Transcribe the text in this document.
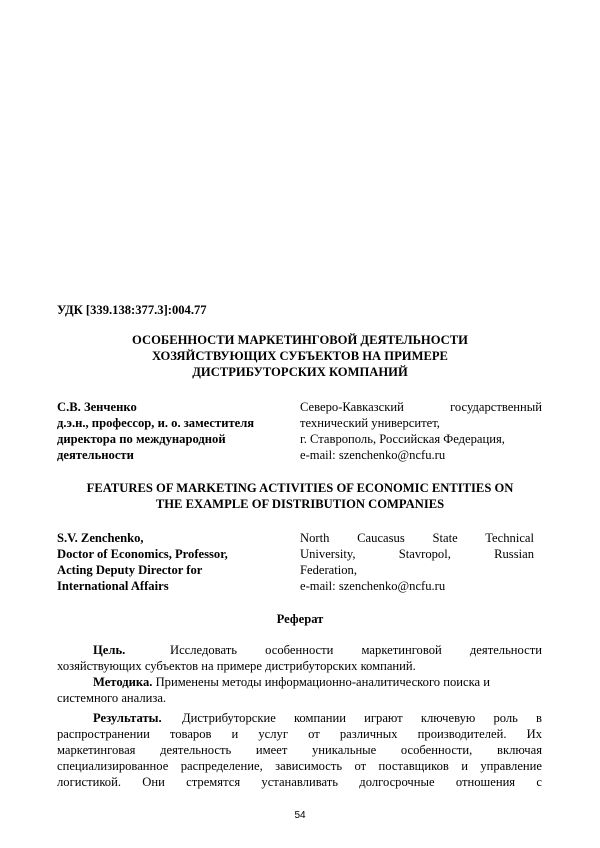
УДК [339.138:377.3]:004.77
ОСОБЕННОСТИ МАРКЕТИНГОВОЙ ДЕЯТЕЛЬНОСТИ
ХОЗЯЙСТВУЮЩИХ СУБЪЕКТОВ НА ПРИМЕРЕ
ДИСТРИБУТОРСКИХ КОМПАНИЙ
С.В. Зенченко
д.э.н., профессор, и. о. заместителя
директора по международной
деятельности
Северо-Кавказский государственный
технический университет,
г. Ставрополь, Российская Федерация,
e-mail: szenchenko@ncfu.ru
FEATURES OF MARKETING ACTIVITIES OF ECONOMIC ENTITIES ON
THE EXAMPLE OF DISTRIBUTION COMPANIES
S.V. Zenchenko,
Doctor of Economics, Professor,
Acting Deputy Director for
International Affairs
North Caucasus State Technical
University, Stavropol, Russian
Federation,
e-mail: szenchenko@ncfu.ru
Реферат
Цель.	Исследовать особенности маркетинговой деятельности
хозяйствующих субъектов на примере дистрибуторских компаний.
Методика. Применены методы информационно-аналитического поиска и
системного анализа.
Результаты. Дистрибуторские компании играют ключевую роль в
распространении товаров и услуг от различных производителей. Их
маркетинговая деятельность имеет уникальные особенности, включая
специализированное распределение, зависимость от поставщиков и управление
логистикой. Они стремятся устанавливать долгосрочные отношения с
54
